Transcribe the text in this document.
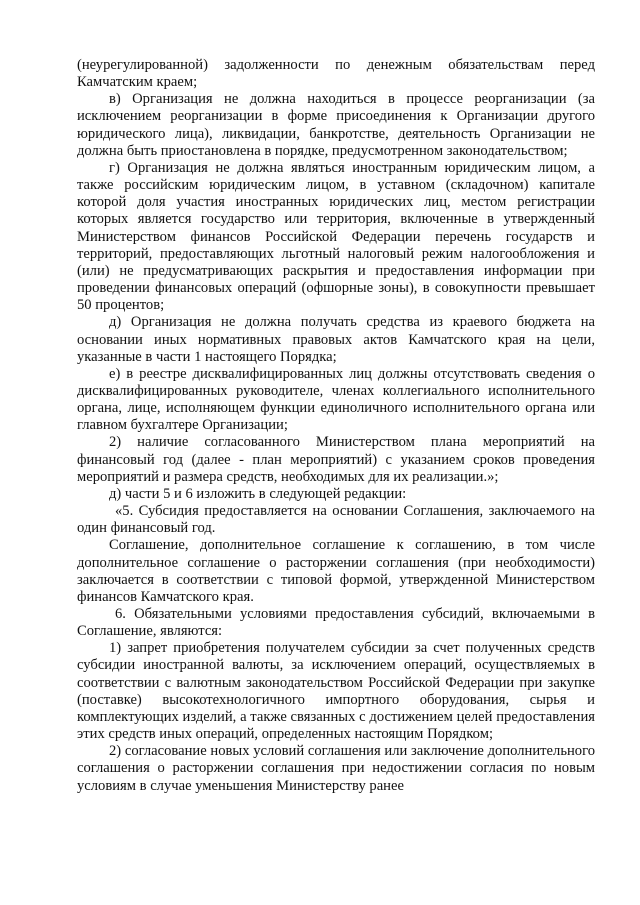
(неурегулированной) задолженности по денежным обязательствам перед Камчатским краем;

в) Организация не должна находиться в процессе реорганизации (за исключением реорганизации в форме присоединения к Организации другого юридического лица), ликвидации, банкротстве, деятельность Организации не должна быть приостановлена в порядке, предусмотренном законодательством;

г) Организация не должна являться иностранным юридическим лицом, а также российским юридическим лицом, в уставном (складочном) капитале которой доля участия иностранных юридических лиц, местом регистрации которых является государство или территория, включенные в утвержденный Министерством финансов Российской Федерации перечень государств и территорий, предоставляющих льготный налоговый режим налогообложения и (или) не предусматривающих раскрытия и предоставления информации при проведении финансовых операций (офшорные зоны), в совокупности превышает 50 процентов;

д) Организация не должна получать средства из краевого бюджета на основании иных нормативных правовых актов Камчатского края на цели, указанные в части 1 настоящего Порядка;

е) в реестре дисквалифицированных лиц должны отсутствовать сведения о дисквалифицированных руководителе, членах коллегиального исполнительного органа, лице, исполняющем функции единоличного исполнительного органа или главном бухгалтере Организации;

2) наличие согласованного Министерством плана мероприятий на финансовый год (далее - план мероприятий) с указанием сроков проведения мероприятий и размера средств, необходимых для их реализации.»;

д) части 5 и 6 изложить в следующей редакции:

«5. Субсидия предоставляется на основании Соглашения, заключаемого на один финансовый год.

Соглашение, дополнительное соглашение к соглашению, в том числе дополнительное соглашение о расторжении соглашения (при необходимости) заключается в соответствии с типовой формой, утвержденной Министерством финансов Камчатского края.

6. Обязательными условиями предоставления субсидий, включаемыми в Соглашение, являются:

1) запрет приобретения получателем субсидии за счет полученных средств субсидии иностранной валюты, за исключением операций, осуществляемых в соответствии с валютным законодательством Российской Федерации при закупке (поставке) высокотехнологичного импортного оборудования, сырья и комплектующих изделий, а также связанных с достижением целей предоставления этих средств иных операций, определенных настоящим Порядком;

2) согласование новых условий соглашения или заключение дополнительного соглашения о расторжении соглашения при недостижении согласия по новым условиям в случае уменьшения Министерству ранее
